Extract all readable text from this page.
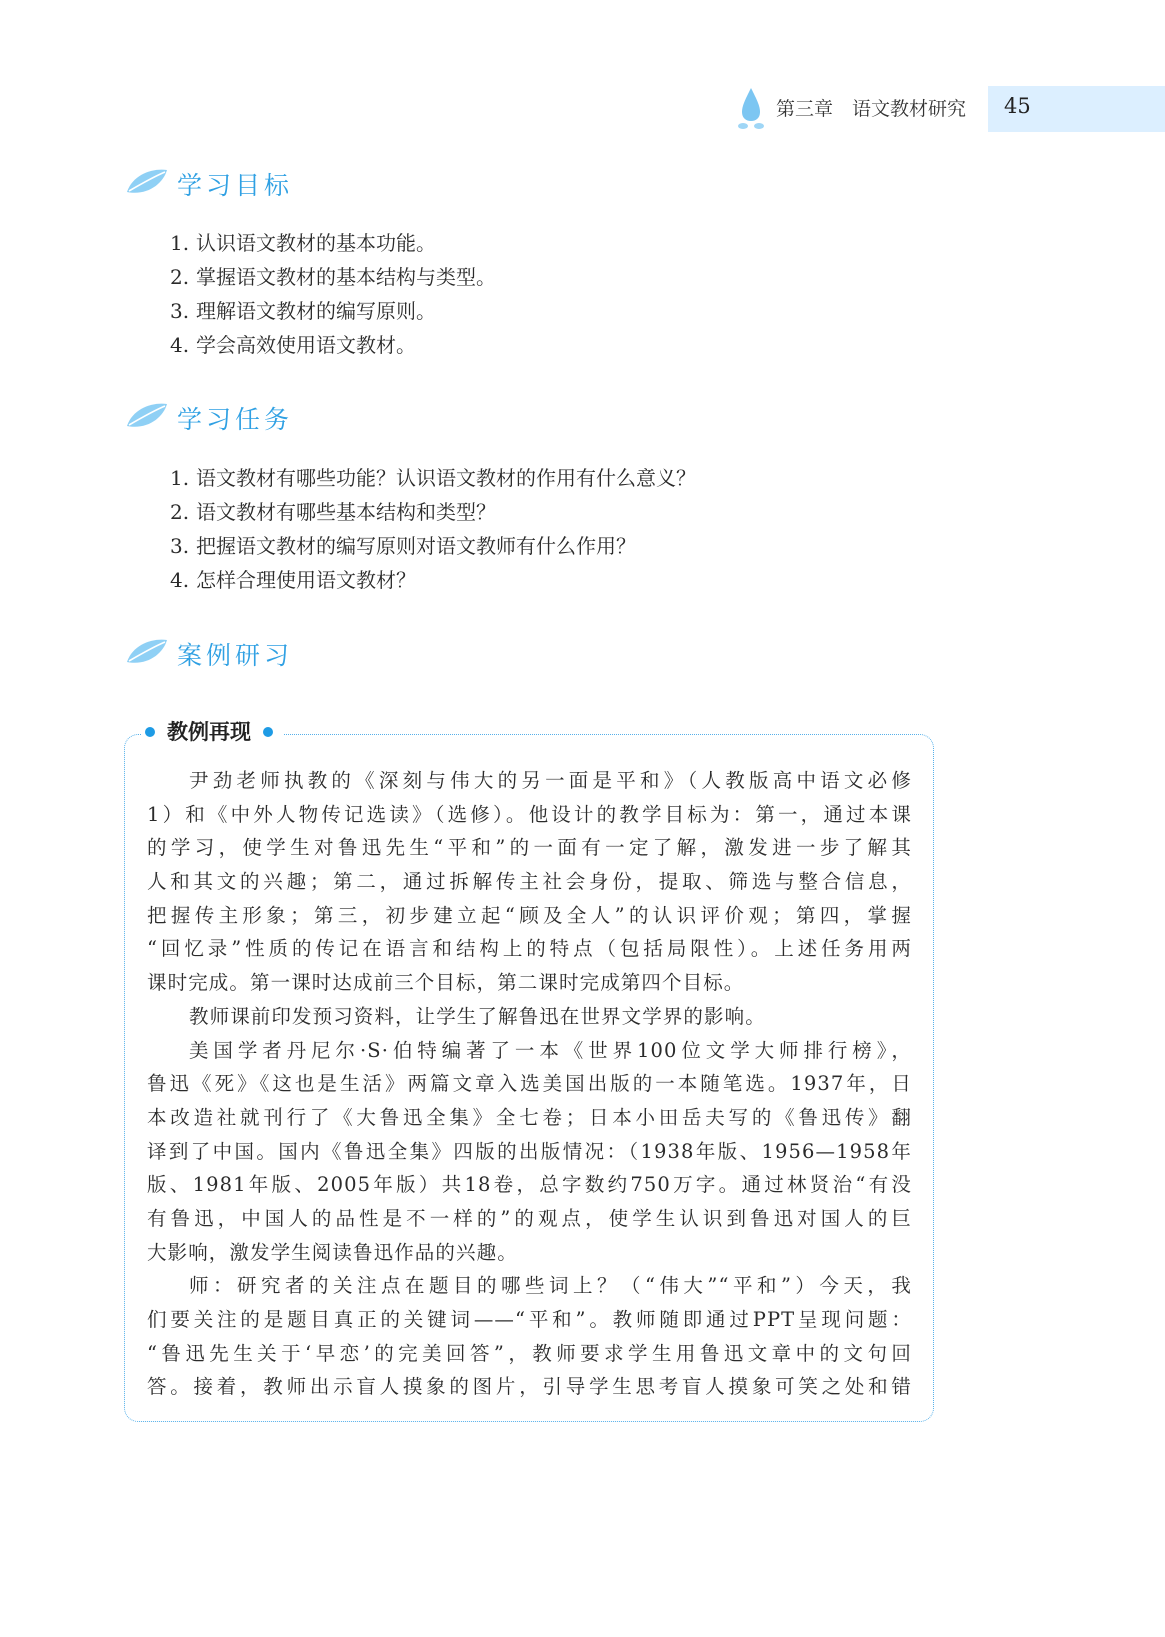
第三章　语文教材研究 45
学习目标
1. 认识语文教材的基本功能。
2. 掌握语文教材的基本结构与类型。
3. 理解语文教材的编写原则。
4. 学会高效使用语文教材。
学习任务
1. 语文教材有哪些功能？认识语文教材的作用有什么意义？
2. 语文教材有哪些基本结构和类型？
3. 把握语文教材的编写原则对语文教师有什么作用？
4. 怎样合理使用语文教材？
案例研习
教例再现
尹劲老师执教的《深刻与伟大的另一面是平和》（人教版高中语文必修
1）和《中外人物传记选读》（选修）。他设计的教学目标为：第一，通过本课
的学习，使学生对鲁迅先生“平和”的一面有一定了解，激发进一步了解其
人和其文的兴趣；第二，通过拆解传主社会身份，提取、筛选与整合信息，
把握传主形象；第三，初步建立起“顾及全人”的认识评价观；第四，掌握
“回忆录”性质的传记在语言和结构上的特点（包括局限性）。上述任务用两
课时完成。第一课时达成前三个目标，第二课时完成第四个目标。
教师课前印发预习资料，让学生了解鲁迅在世界文学界的影响。
美国学者丹尼尔·S·伯特编著了一本《世界100位文学大师排行榜》，
鲁迅《死》《这也是生活》两篇文章入选美国出版的一本随笔选。1937年，日
本改造社就刊行了《大鲁迅全集》全七卷；日本小田岳夫写的《鲁迅传》翻
译到了中国。国内《鲁迅全集》四版的出版情况：（1938年版、1956—1958年
版、1981年版、2005年版）共18卷，总字数约750万字。通过林贤治“有没
有鲁迅，中国人的品性是不一样的”的观点，使学生认识到鲁迅对国人的巨
大影响，激发学生阅读鲁迅作品的兴趣。
师：研究者的关注点在题目的哪些词上？（“伟大”“平和”）今天，我
们要关注的是题目真正的关键词——“平和”。教师随即通过PPT呈现问题：
“鲁迅先生关于‘早恋’的完美回答”，教师要求学生用鲁迅文章中的文句回
答。接着，教师出示盲人摸象的图片，引导学生思考盲人摸象可笑之处和错
